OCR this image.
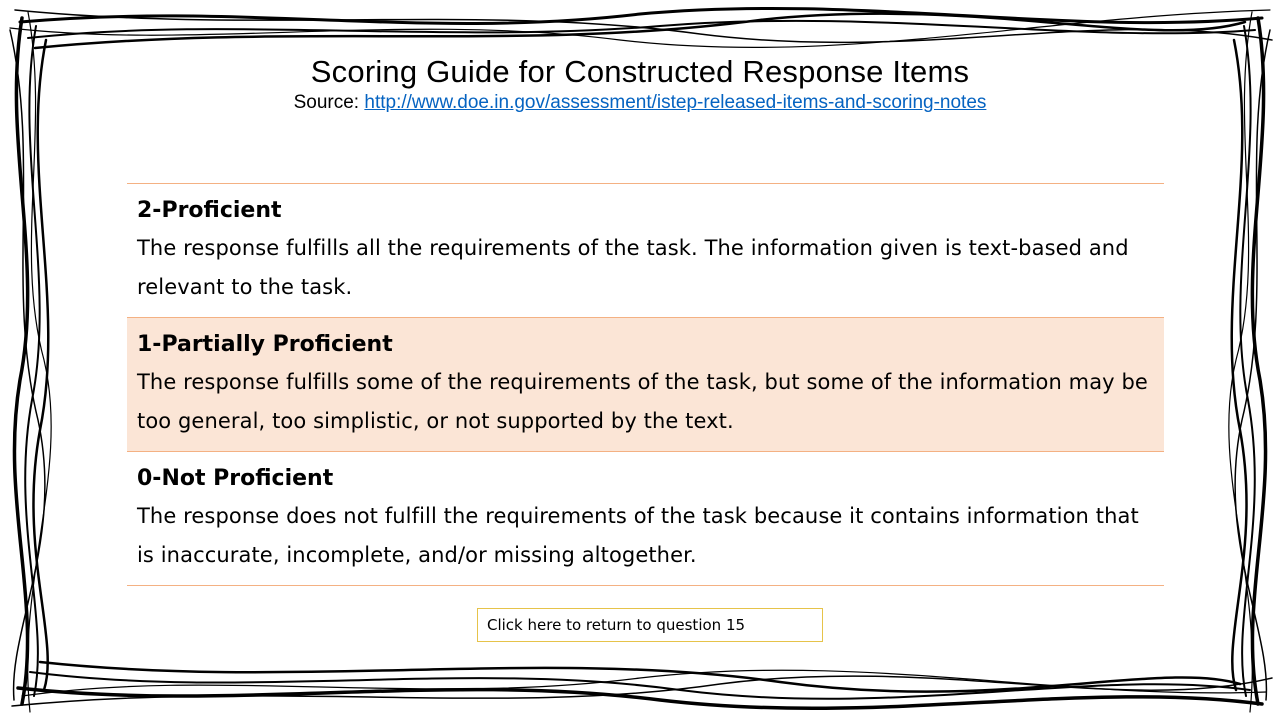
Scoring Guide for Constructed Response Items
Source: http://www.doe.in.gov/assessment/istep-released-items-and-scoring-notes
2-Proficient
The response fulfills all the requirements of the task. The information given is text-based and relevant to the task.

1-Partially Proficient
The response fulfills some of the requirements of the task, but some of the information may be too general, too simplistic, or not supported by the text.

0-Not Proficient
The response does not fulfill the requirements of the task because it contains information that is inaccurate, incomplete, and/or missing altogether.
Click here to return to question 15
